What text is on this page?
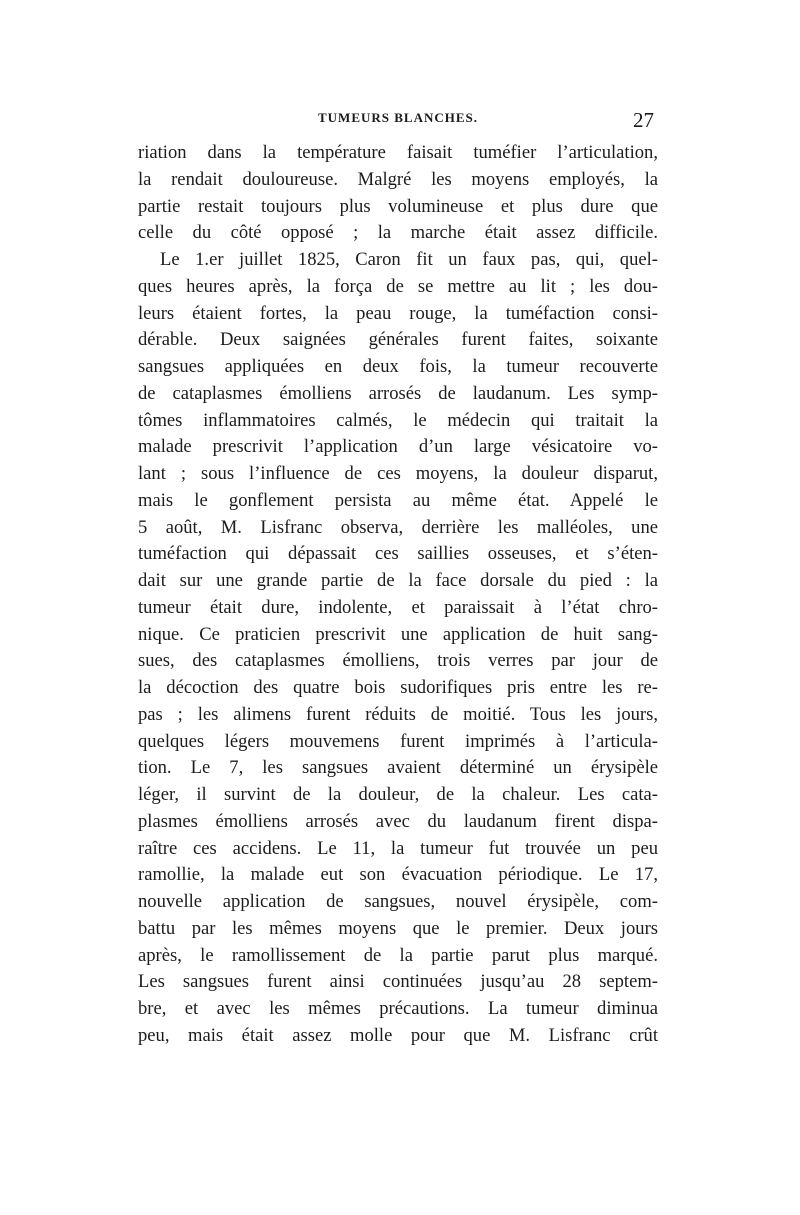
TUMEURS BLANCHES.	27
riation dans la température faisait tuméfier l’articulation,
la rendait douloureuse. Malgré les moyens employés, la
partie restait toujours plus volumineuse et plus dure que
celle du côté opposé ; la marche était assez difficile.
Le 1.er juillet 1825, Caron fit un faux pas, qui, quel-
ques heures après, la força de se mettre au lit ; les dou-
leurs étaient fortes, la peau rouge, la tuméfaction consi-
dérable. Deux saignées générales furent faites, soixante
sangsues appliquées en deux fois, la tumeur recouverte
de cataplasmes émolliens arrosés de laudanum. Les symp-
tômes inflammatoires calmés, le médecin qui traitait la
malade prescrivit l’application d’un large vésicatoire vo-
lant ; sous l’influence de ces moyens, la douleur disparut,
mais le gonflement persista au même état. Appelé le
5 août, M. Lisfranc observa, derrière les malléoles, une
tuméfaction qui dépassait ces saillies osseuses, et s’éten-
dait sur une grande partie de la face dorsale du pied : la
tumeur était dure, indolente, et paraissait à l’état chro-
nique. Ce praticien prescrivit une application de huit sang-
sues, des cataplasmes émolliens, trois verres par jour de
la décoction des quatre bois sudorifiques pris entre les re-
pas ; les alimens furent réduits de moitié. Tous les jours,
quelques légers mouvemens furent imprimés à l’articula-
tion. Le 7, les sangsues avaient déterminé un érysipèle
léger, il survint de la douleur, de la chaleur. Les cata-
plasmes émolliens arrosés avec du laudanum firent dispa-
raître ces accidens. Le 11, la tumeur fut trouvée un peu
ramollie, la malade eut son évacuation périodique. Le 17,
nouvelle application de sangsues, nouvel érysipèle, com-
battu par les mêmes moyens que le premier. Deux jours
après, le ramollissement de la partie parut plus marqué.
Les sangsues furent ainsi continuées jusqu’au 28 septem-
bre, et avec les mêmes précautions. La tumeur diminua
peu, mais était assez molle pour que M. Lisfranc crût
